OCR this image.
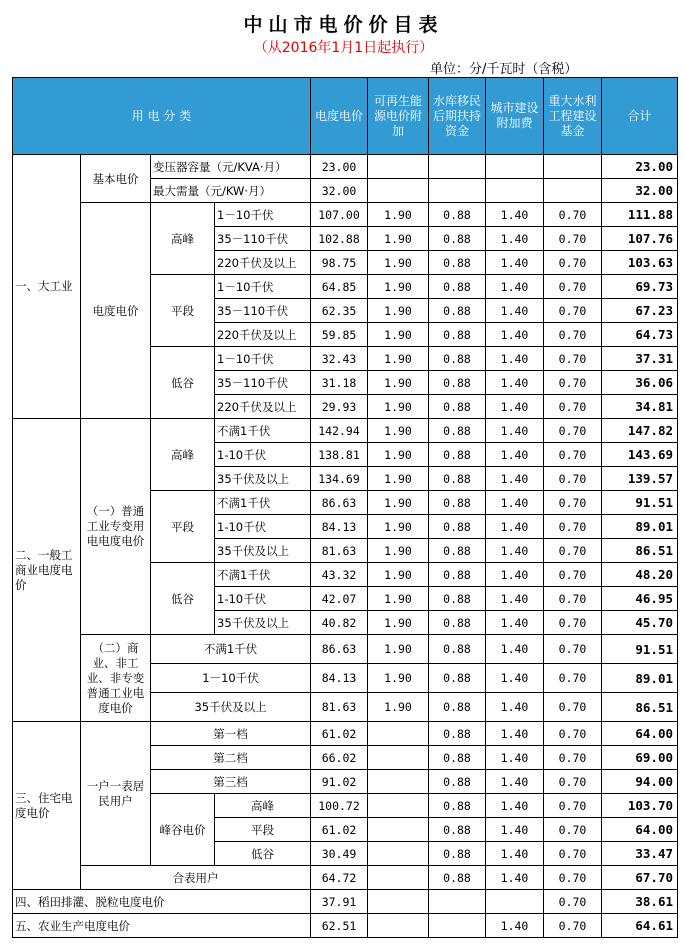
中山市电价价目表
（从2016年1月1日起执行）
单位：分/千瓦时（含税）
用 电 分 类				电度电价	可再生能源电价附加	水库移民后期扶持资金	城市建设附加费	重大水利工程建设基金	合计
一、大工业	基本电价	变压器容量（元/KVA·月）		23.00					23.00
		最大需量（元/KW·月）		32.00					32.00
	电度电价	高峰	1－10千伏	107.00	1.90	0.88	1.40	0.70	111.88
			35－110千伏	102.88	1.90	0.88	1.40	0.70	107.76
			220千伏及以上	98.75	1.90	0.88	1.40	0.70	103.63
		平段	1－10千伏	64.85	1.90	0.88	1.40	0.70	69.73
			35－110千伏	62.35	1.90	0.88	1.40	0.70	67.23
			220千伏及以上	59.85	1.90	0.88	1.40	0.70	64.73
		低谷	1－10千伏	32.43	1.90	0.88	1.40	0.70	37.31
			35－110千伏	31.18	1.90	0.88	1.40	0.70	36.06
			220千伏及以上	29.93	1.90	0.88	1.40	0.70	34.81
二、一般工商业电度电价	（一）普通工业专变用电电度电价	高峰	不满1千伏	142.94	1.90	0.88	1.40	0.70	147.82
			1-10千伏	138.81	1.90	0.88	1.40	0.70	143.69
			35千伏及以上	134.69	1.90	0.88	1.40	0.70	139.57
		平段	不满1千伏	86.63	1.90	0.88	1.40	0.70	91.51
			1-10千伏	84.13	1.90	0.88	1.40	0.70	89.01
			35千伏及以上	81.63	1.90	0.88	1.40	0.70	86.51
		低谷	不满1千伏	43.32	1.90	0.88	1.40	0.70	48.20
			1-10千伏	42.07	1.90	0.88	1.40	0.70	46.95
			35千伏及以上	40.82	1.90	0.88	1.40	0.70	45.70
	（二）商业、非工业、非专变普通工业电度电价	不满1千伏		86.63	1.90	0.88	1.40	0.70	91.51
		1－10千伏		84.13	1.90	0.88	1.40	0.70	89.01
		35千伏及以上		81.63	1.90	0.88	1.40	0.70	86.51
三、住宅电度电价	一户一表居民用户	第一档		61.02		0.88	1.40	0.70	64.00
		第二档		66.02		0.88	1.40	0.70	69.00
		第三档		91.02		0.88	1.40	0.70	94.00
		峰谷电价	高峰	100.72		0.88	1.40	0.70	103.70
			平段	61.02		0.88	1.40	0.70	64.00
			低谷	30.49		0.88	1.40	0.70	33.47
	合表用户			64.72		0.88	1.40	0.70	67.70
四、稻田排灌、脱粒电度电价				37.91				0.70	38.61
五、农业生产电度电价				62.51			1.40	0.70	64.61
